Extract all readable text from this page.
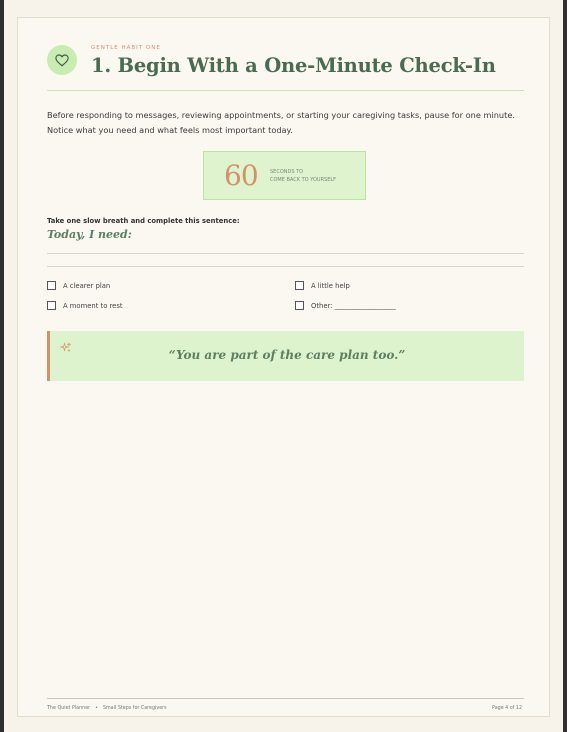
GENTLE HABIT ONE
1. Begin With a One-Minute Check-In
Before responding to messages, reviewing appointments, or starting your caregiving tasks, pause for one minute.
Notice what you need and what feels most important today.
60 SECONDS TO
COME BACK TO YOURSELF
Take one slow breath and complete this sentence:
Today, I need:
A clearer plan	A little help
A moment to rest	Other: __________________
“You are part of the care plan too.”
The Quiet Planner • Small Steps for Caregivers	Page 4 of 12
